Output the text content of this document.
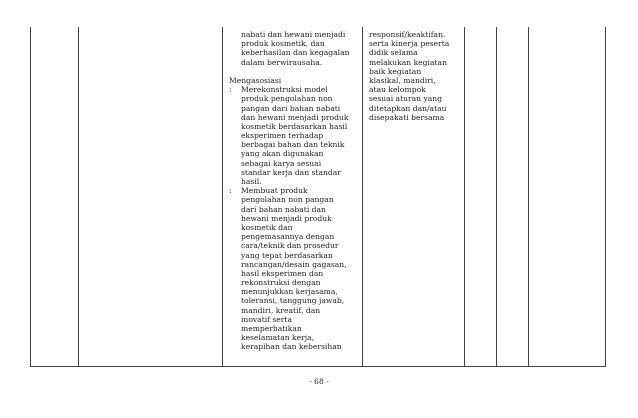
nabati dan hewani menjadi
produk kosmetik, dan
keberhasilan dan kegagalan
dalam berwirausaha.
Mengasosiasi
: Merekonstruksi model
produk pengolahan non
pangan dari bahan nabati
dan hewani menjadi produk
kosmetik berdasarkan hasil
eksperimen terhadap
berbagai bahan dan teknik
yang akan digunakan
sebagai karya sesuai
standar kerja dan standar
hasil.
: Membuat produk
pengolahan non pangan
dari bahan nabati dan
hewani menjadi produk
kosmetik dan
pengemasannya dengan
cara/teknik dan prosedur
yang tepat berdasarkan
rancangan/desain gagasan,
hasil eksperimen dan
rekonstruksi dengan
menunjukkan kerjasama,
toleransi, tanggung jawab,
mandiri, kreatif, dan
inovatif serta
memperhatikan
keselamatan kerja,
kerapihan dan kebersihan
responsif/keaktifan.
serta kinerja peserta
didik selama
melakukan kegiatan
baik kegiatan
klasikal, mandiri,
atau kelompok
sesuai aturan yang
ditetapkan dan/atau
disepakati bersama
- 68 -
